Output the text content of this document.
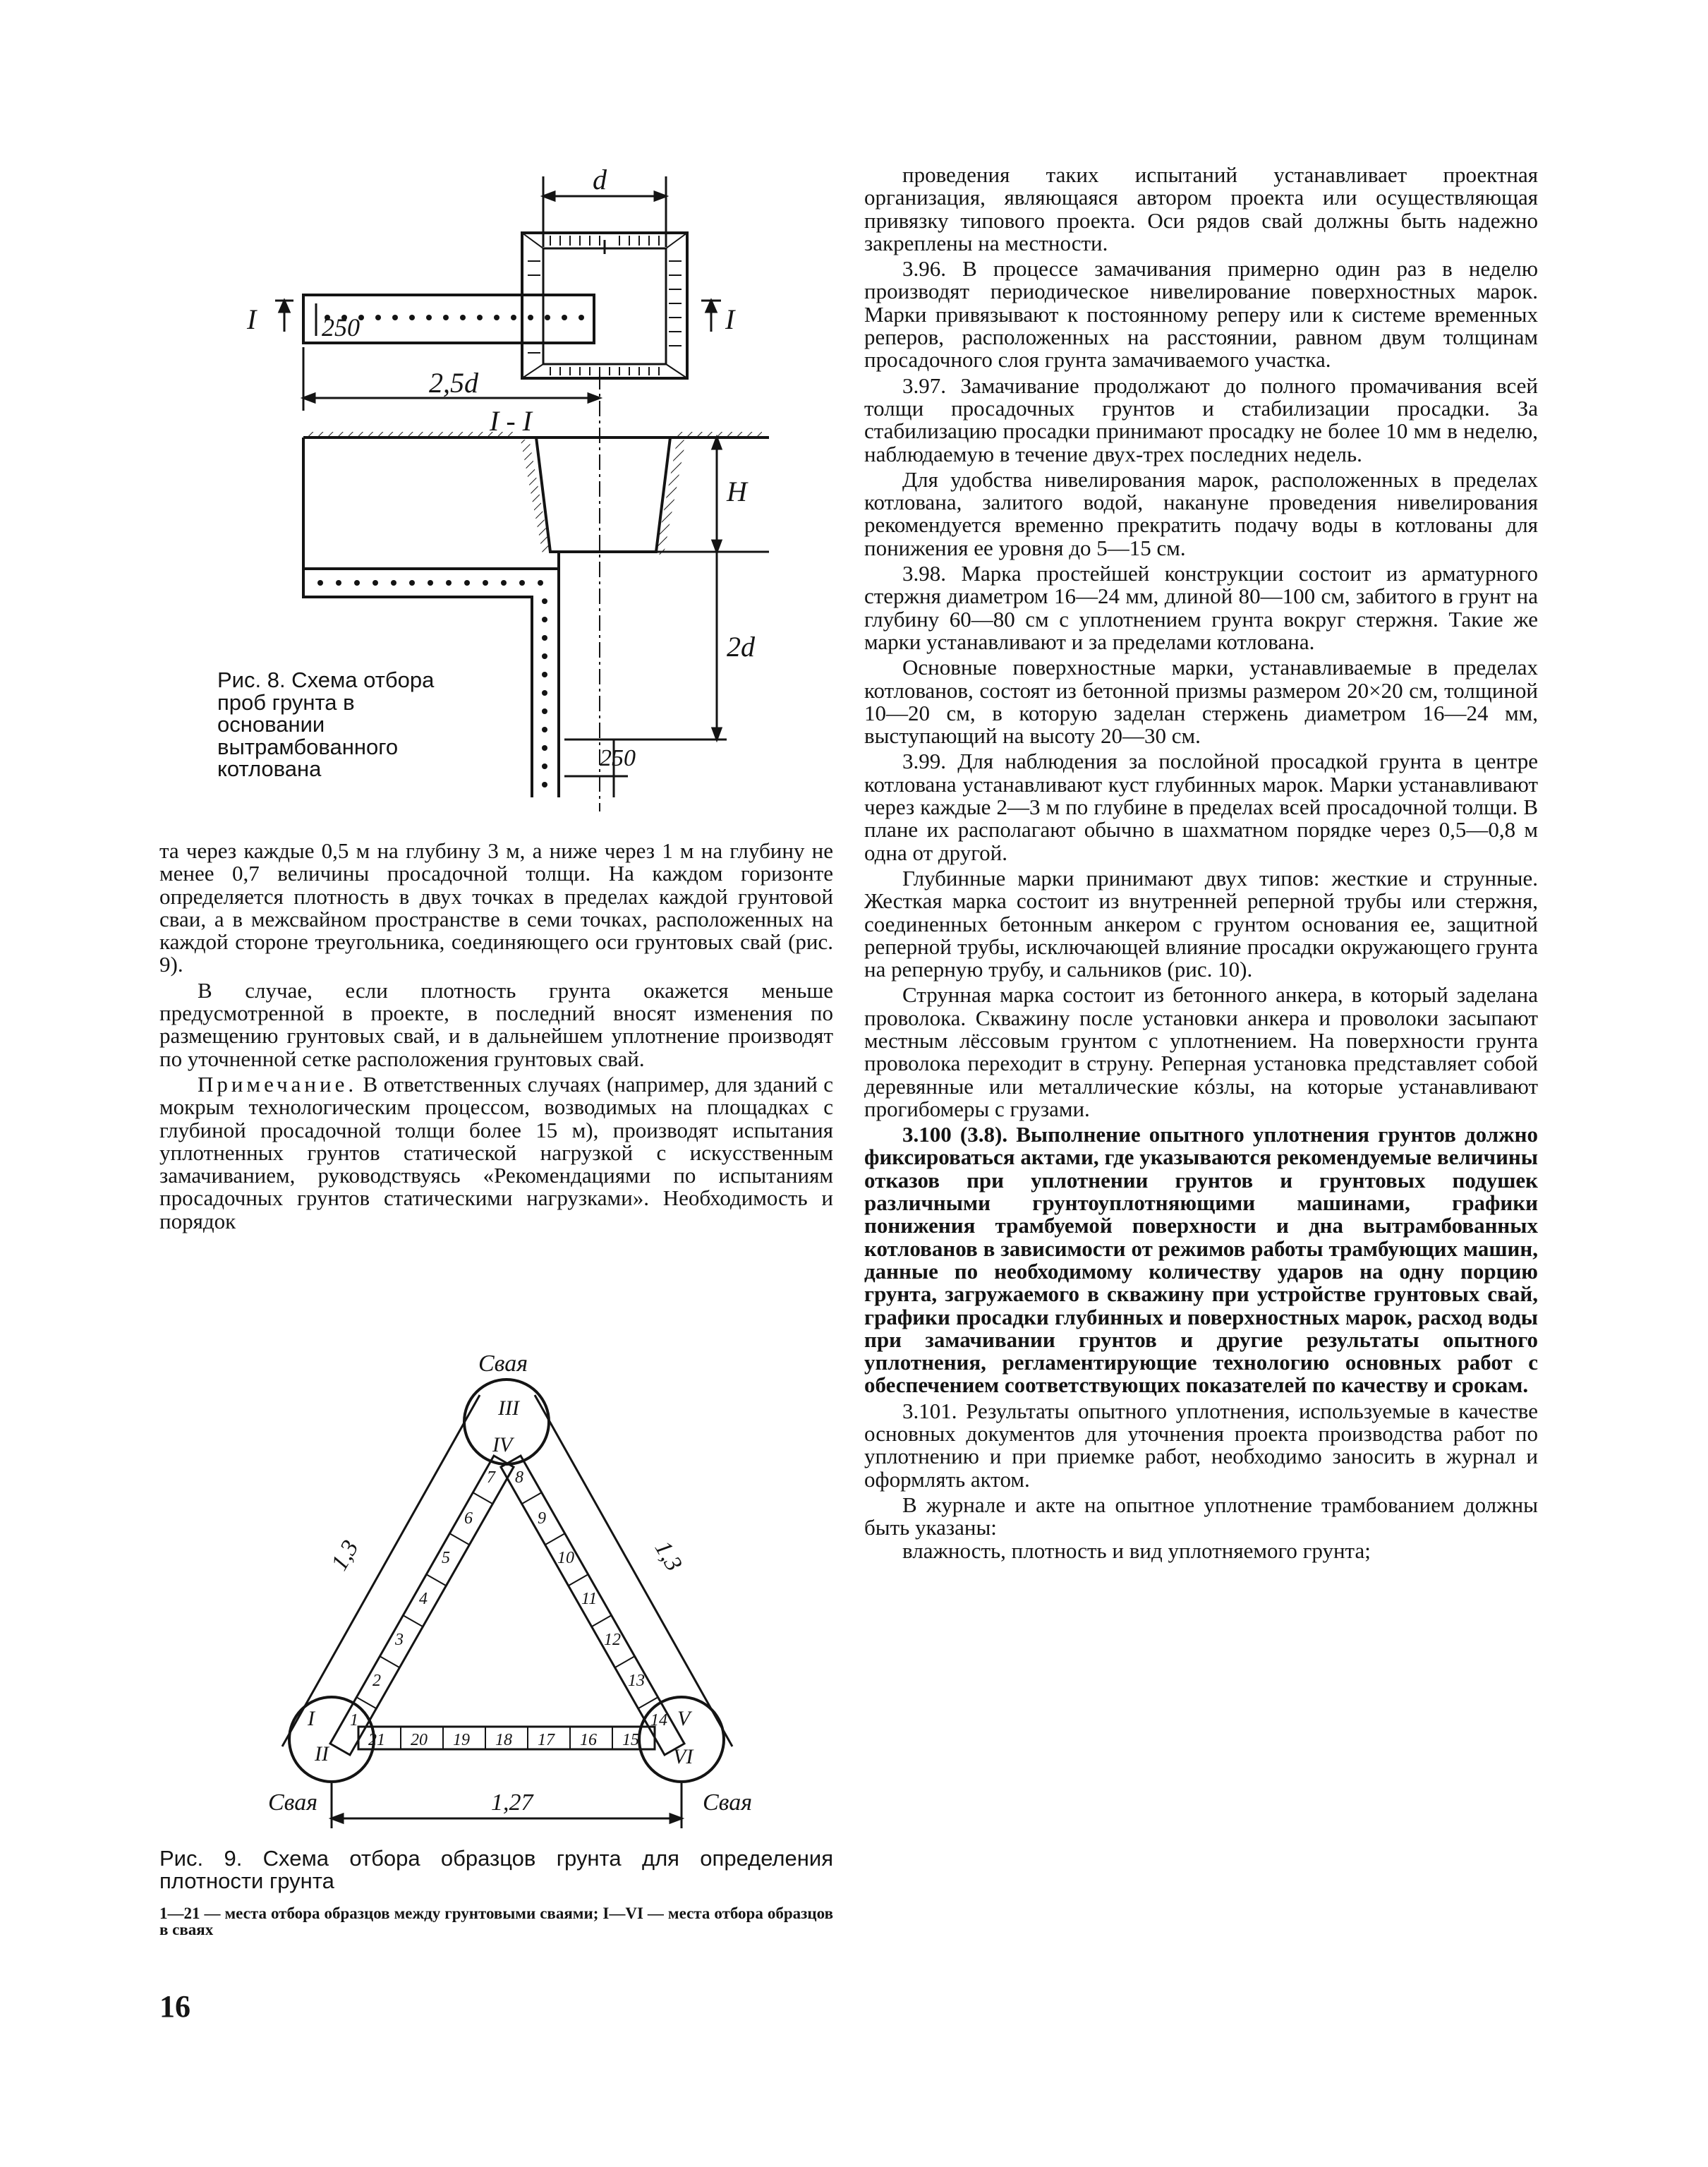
d
I	I
250
2,5d
I - I
H
2d
250
Рис. 8. Схема отбора проб грунта в основании вытрамбованного котлована

та через каждые 0,5 м на глубину 3 м, а ниже через 1 м на глубину не менее 0,7 величины просадочной толщи. На каждом горизонте определяется плотность в двух точках в пределах каждой грунтовой сваи, а в межсвайном пространстве в семи точках, расположенных на каждой стороне треугольника, соединяющего оси грунтовых свай (рис. 9).

В случае, если плотность грунта окажется меньше предусмотренной в проекте, в последний вносят изменения по размещению грунтовых свай, и в дальнейшем уплотнение производят по уточненной сетке расположения грунтовых свай.

Примечание. В ответственных случаях (например, для зданий с мокрым технологическим процессом, возводимых на площадках с глубиной просадочной толщи более 15 м), производят испытания уплотненных грунтов статической нагрузкой с искусственным замачиванием, руководствуясь «Рекомендациями по испытаниям просадочных грунтов статическими нагрузками». Необходимость и порядок

Свая
Свая	Свая
1,3	1,3
1,27
I
II
III
IV
V
VI
1
2
3
4
5
6
7 8
9
10
11
12
13
14
21 20 19 18 17 16 15
Рис. 9. Схема отбора образцов грунта для определения плотности грунта
1—21 — места отбора образцов между грунтовыми сваями; I—VI — места отбора образцов в сваях
16

проведения таких испытаний устанавливает проектная организация, являющаяся автором проекта или осуществляющая привязку типового проекта. Оси рядов свай должны быть надежно закреплены на местности.

3.96. В процессе замачивания примерно один раз в неделю производят периодическое нивелирование поверхностных марок. Марки привязывают к постоянному реперу или к системе временных реперов, расположенных на расстоянии, равном двум толщинам просадочного слоя грунта замачиваемого участка.

3.97. Замачивание продолжают до полного промачивания всей толщи просадочных грунтов и стабилизации просадки. За стабилизацию просадки принимают просадку не более 10 мм в неделю, наблюдаемую в течение двух-трех последних недель.

Для удобства нивелирования марок, расположенных в пределах котлована, залитого водой, накануне проведения нивелирования рекомендуется временно прекратить подачу воды в котлованы для понижения ее уровня до 5—15 см.

3.98. Марка простейшей конструкции состоит из арматурного стержня диаметром 16—24 мм, длиной 80—100 см, забитого в грунт на глубину 60—80 см с уплотнением грунта вокруг стержня. Такие же марки устанавливают и за пределами котлована.

Основные поверхностные марки, устанавливаемые в пределах котлованов, состоят из бетонной призмы размером 20×20 см, толщиной 10—20 см, в которую заделан стержень диаметром 16—24 мм, выступающий на высоту 20—30 см.

3.99. Для наблюдения за послойной просадкой грунта в центре котлована устанавливают куст глубинных марок. Марки устанавливают через каждые 2—3 м по глубине в пределах всей просадочной толщи. В плане их располагают обычно в шахматном порядке через 0,5—0,8 м одна от другой.

Глубинные марки принимают двух типов: жесткие и струнные. Жесткая марка состоит из внутренней реперной трубы или стержня, соединенных бетонным анкером с грунтом основания ее, защитной реперной трубы, исключающей влияние просадки окружающего грунта на реперную трубу, и сальников (рис. 10).

Струнная марка состоит из бетонного анкера, в который заделана проволока. Скважину после установки анкера и проволоки засыпают местным лёссовым грунтом с уплотнением. На поверхности грунта проволока переходит в струну. Реперная установка представляет собой деревянные или металлические кóзлы, на которые устанавливают прогибомеры с грузами.

3.100 (3.8). Выполнение опытного уплотнения грунтов должно фиксироваться актами, где указываются рекомендуемые величины отказов при уплотнении грунтов и грунтовых подушек различными грунтоуплотняющими машинами, графики понижения трамбуемой поверхности и дна вытрамбованных котлованов в зависимости от режимов работы трамбующих машин, данные по необходимому количеству ударов на одну порцию грунта, загружаемого в скважину при устройстве грунтовых свай, графики просадки глубинных и поверхностных марок, расход воды при замачивании грунтов и другие результаты опытного уплотнения, регламентирующие технологию основных работ с обеспечением соответствующих показателей по качеству и срокам.

3.101. Результаты опытного уплотнения, используемые в качестве основных документов для уточнения проекта производства работ по уплотнению и при приемке работ, необходимо заносить в журнал и оформлять актом.

В журнале и акте на опытное уплотнение трамбованием должны быть указаны:

влажность, плотность и вид уплотняемого грунта;
